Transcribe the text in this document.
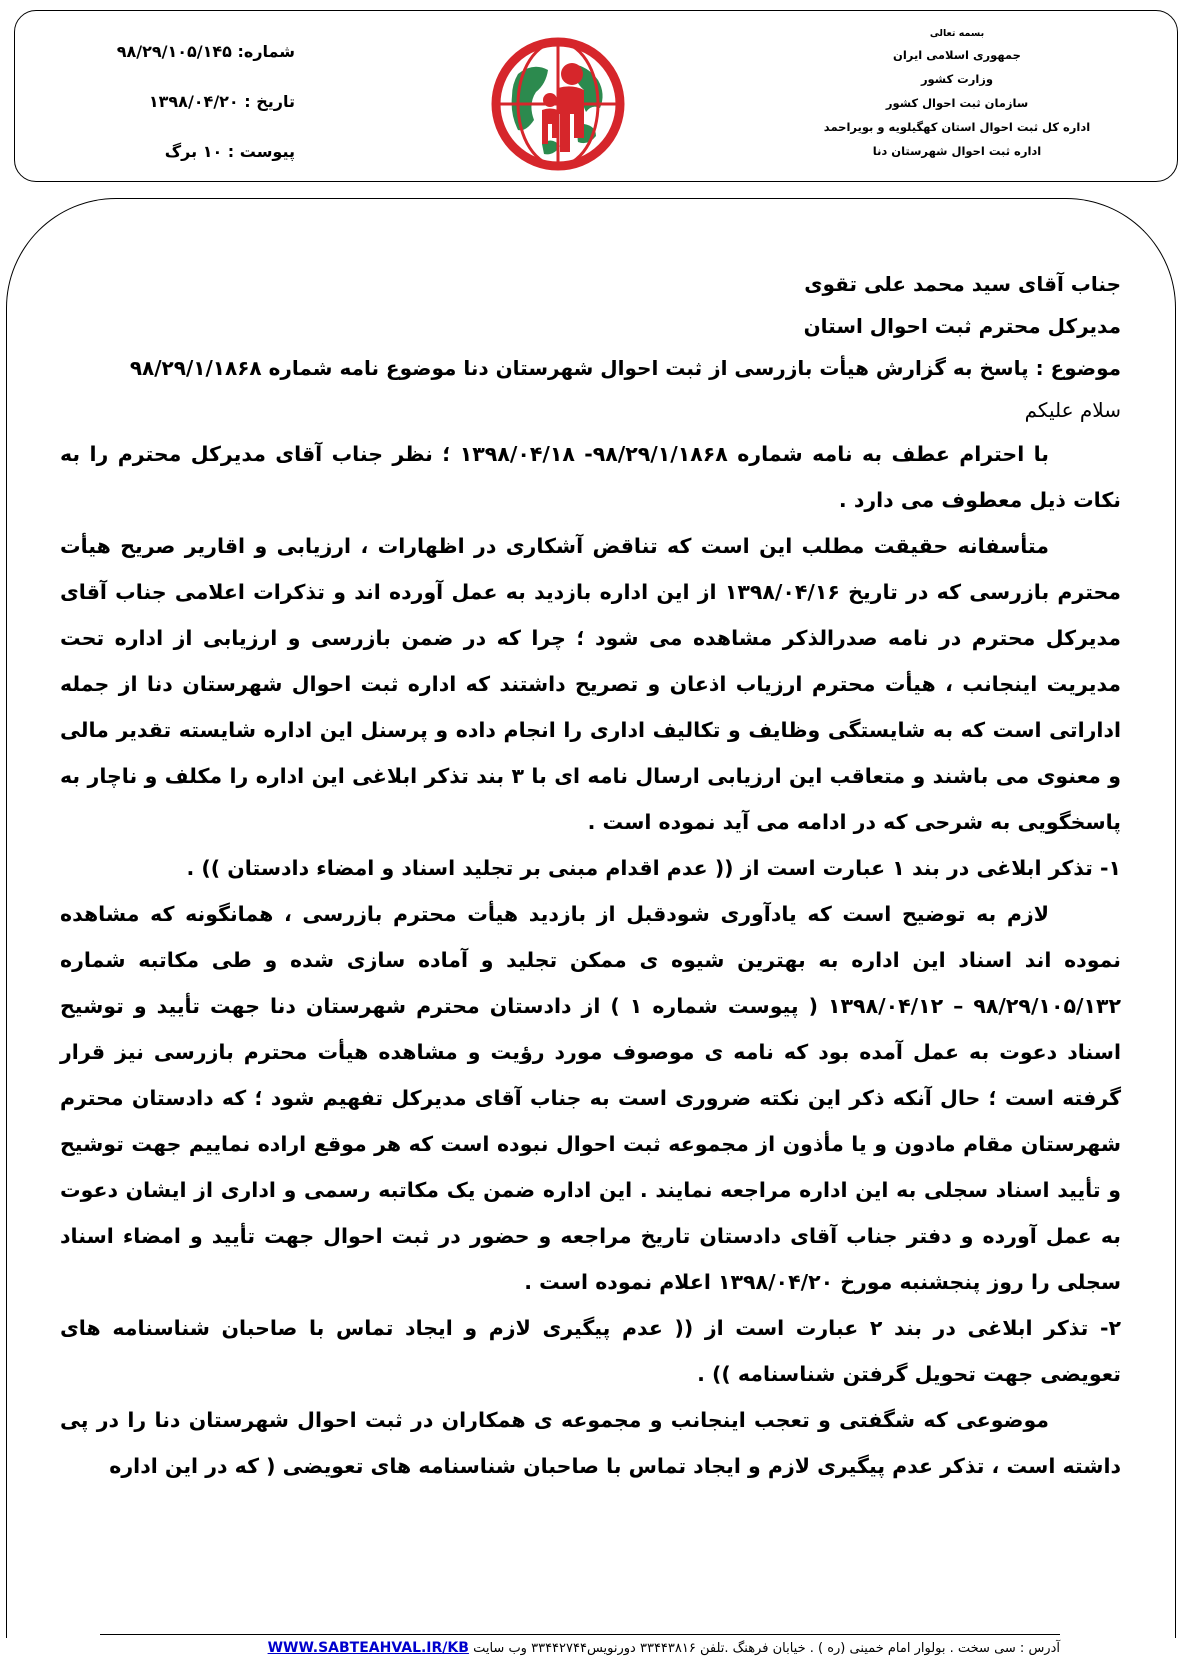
شماره: ۹۸/۲۹/۱۰۵/۱۴۵
تاریخ : ۱۳۹۸/۰۴/۲۰
پیوست : ۱۰ برگ
بسمه تعالی
جمهوری اسلامی ایران
وزارت کشور
سازمان ثبت احوال کشور
اداره کل ثبت احوال استان کهگیلویه و بویراحمد
اداره ثبت احوال شهرستان دنا
جناب آقای سید محمد علی تقوی
مدیرکل محترم ثبت احوال استان
موضوع : پاسخ به گزارش هیأت بازرسی از ثبت احوال شهرستان دنا موضوع نامه شماره ۹۸/۲۹/۱/۱۸۶۸
سلام علیکم

با احترام عطف به نامه شماره ۹۸/۲۹/۱/۱۸۶۸- ۱۳۹۸/۰۴/۱۸ ؛ نظر جناب آقای مدیرکل محترم را به نکات ذیل معطوف می دارد .

متأسفانه حقیقت مطلب این است که تناقض آشکاری در اظهارات ، ارزیابی و اقاریر صریح هیأت محترم بازرسی که در تاریخ ۱۳۹۸/۰۴/۱۶ از این اداره بازدید به عمل آورده اند و تذکرات اعلامی جناب آقای مدیرکل محترم در نامه صدرالذکر مشاهده می شود ؛ چرا که در ضمن بازرسی و ارزیابی از اداره تحت مدیریت اینجانب ، هیأت محترم ارزیاب اذعان و تصریح داشتند که اداره ثبت احوال شهرستان دنا از جمله اداراتی است که به شایستگی وظایف و تکالیف اداری را انجام داده و پرسنل این اداره شایسته تقدیر مالی و معنوی می باشند و متعاقب این ارزیابی ارسال نامه ای با ۳ بند تذکر ابلاغی این اداره را مکلف و ناچار به پاسخگویی به شرحی که در ادامه می آید نموده است .

۱- تذکر ابلاغی در بند ۱ عبارت است از (( عدم اقدام مبنی بر تجلید اسناد و امضاء دادستان )) .

لازم به توضیح است که یادآوری شودقبل از بازدید هیأت محترم بازرسی ، همانگونه که مشاهده نموده اند اسناد این اداره به بهترین شیوه ی ممکن تجلید و آماده سازی شده و طی مکاتبه شماره ۹۸/۲۹/۱۰۵/۱۳۲ – ۱۳۹۸/۰۴/۱۲ ( پیوست شماره ۱ ) از دادستان محترم شهرستان دنا جهت تأیید و توشیح اسناد دعوت به عمل آمده بود که نامه ی موصوف مورد رؤیت و مشاهده هیأت محترم بازرسی نیز قرار گرفته است ؛ حال آنکه ذکر این نکته ضروری است به جناب آقای مدیرکل تفهیم شود ؛ که دادستان محترم شهرستان مقام مادون و یا مأذون از مجموعه ثبت احوال نبوده است که هر موقع اراده نماییم جهت توشیح و تأیید اسناد سجلی به این اداره مراجعه نمایند . این اداره ضمن یک مکاتبه رسمی و اداری از ایشان دعوت به عمل آورده و دفتر جناب آقای دادستان تاریخ مراجعه و حضور در ثبت احوال جهت تأیید و امضاء اسناد سجلی را روز پنجشنبه مورخ ۱۳۹۸/۰۴/۲۰ اعلام نموده است .

۲- تذکر ابلاغی در بند ۲ عبارت است از (( عدم پیگیری لازم و ایجاد تماس با صاحبان شناسنامه های تعویضی جهت تحویل گرفتن شناسنامه )) .

موضوعی که شگفتی و تعجب اینجانب و مجموعه ی همکاران در ثبت احوال شهرستان دنا را در پی داشته است ، تذکر عدم پیگیری لازم و ایجاد تماس با صاحبان شناسنامه های تعویضی ( که در این اداره

آدرس : سی سخت . بولوار امام خمینی (ره ) . خیابان فرهنگ .تلفن ۳۳۴۴۳۸۱۶ دورنویس۳۳۴۴۲۷۴۴ وب سایت WWW.SABTEAHVAL.IR/KB
